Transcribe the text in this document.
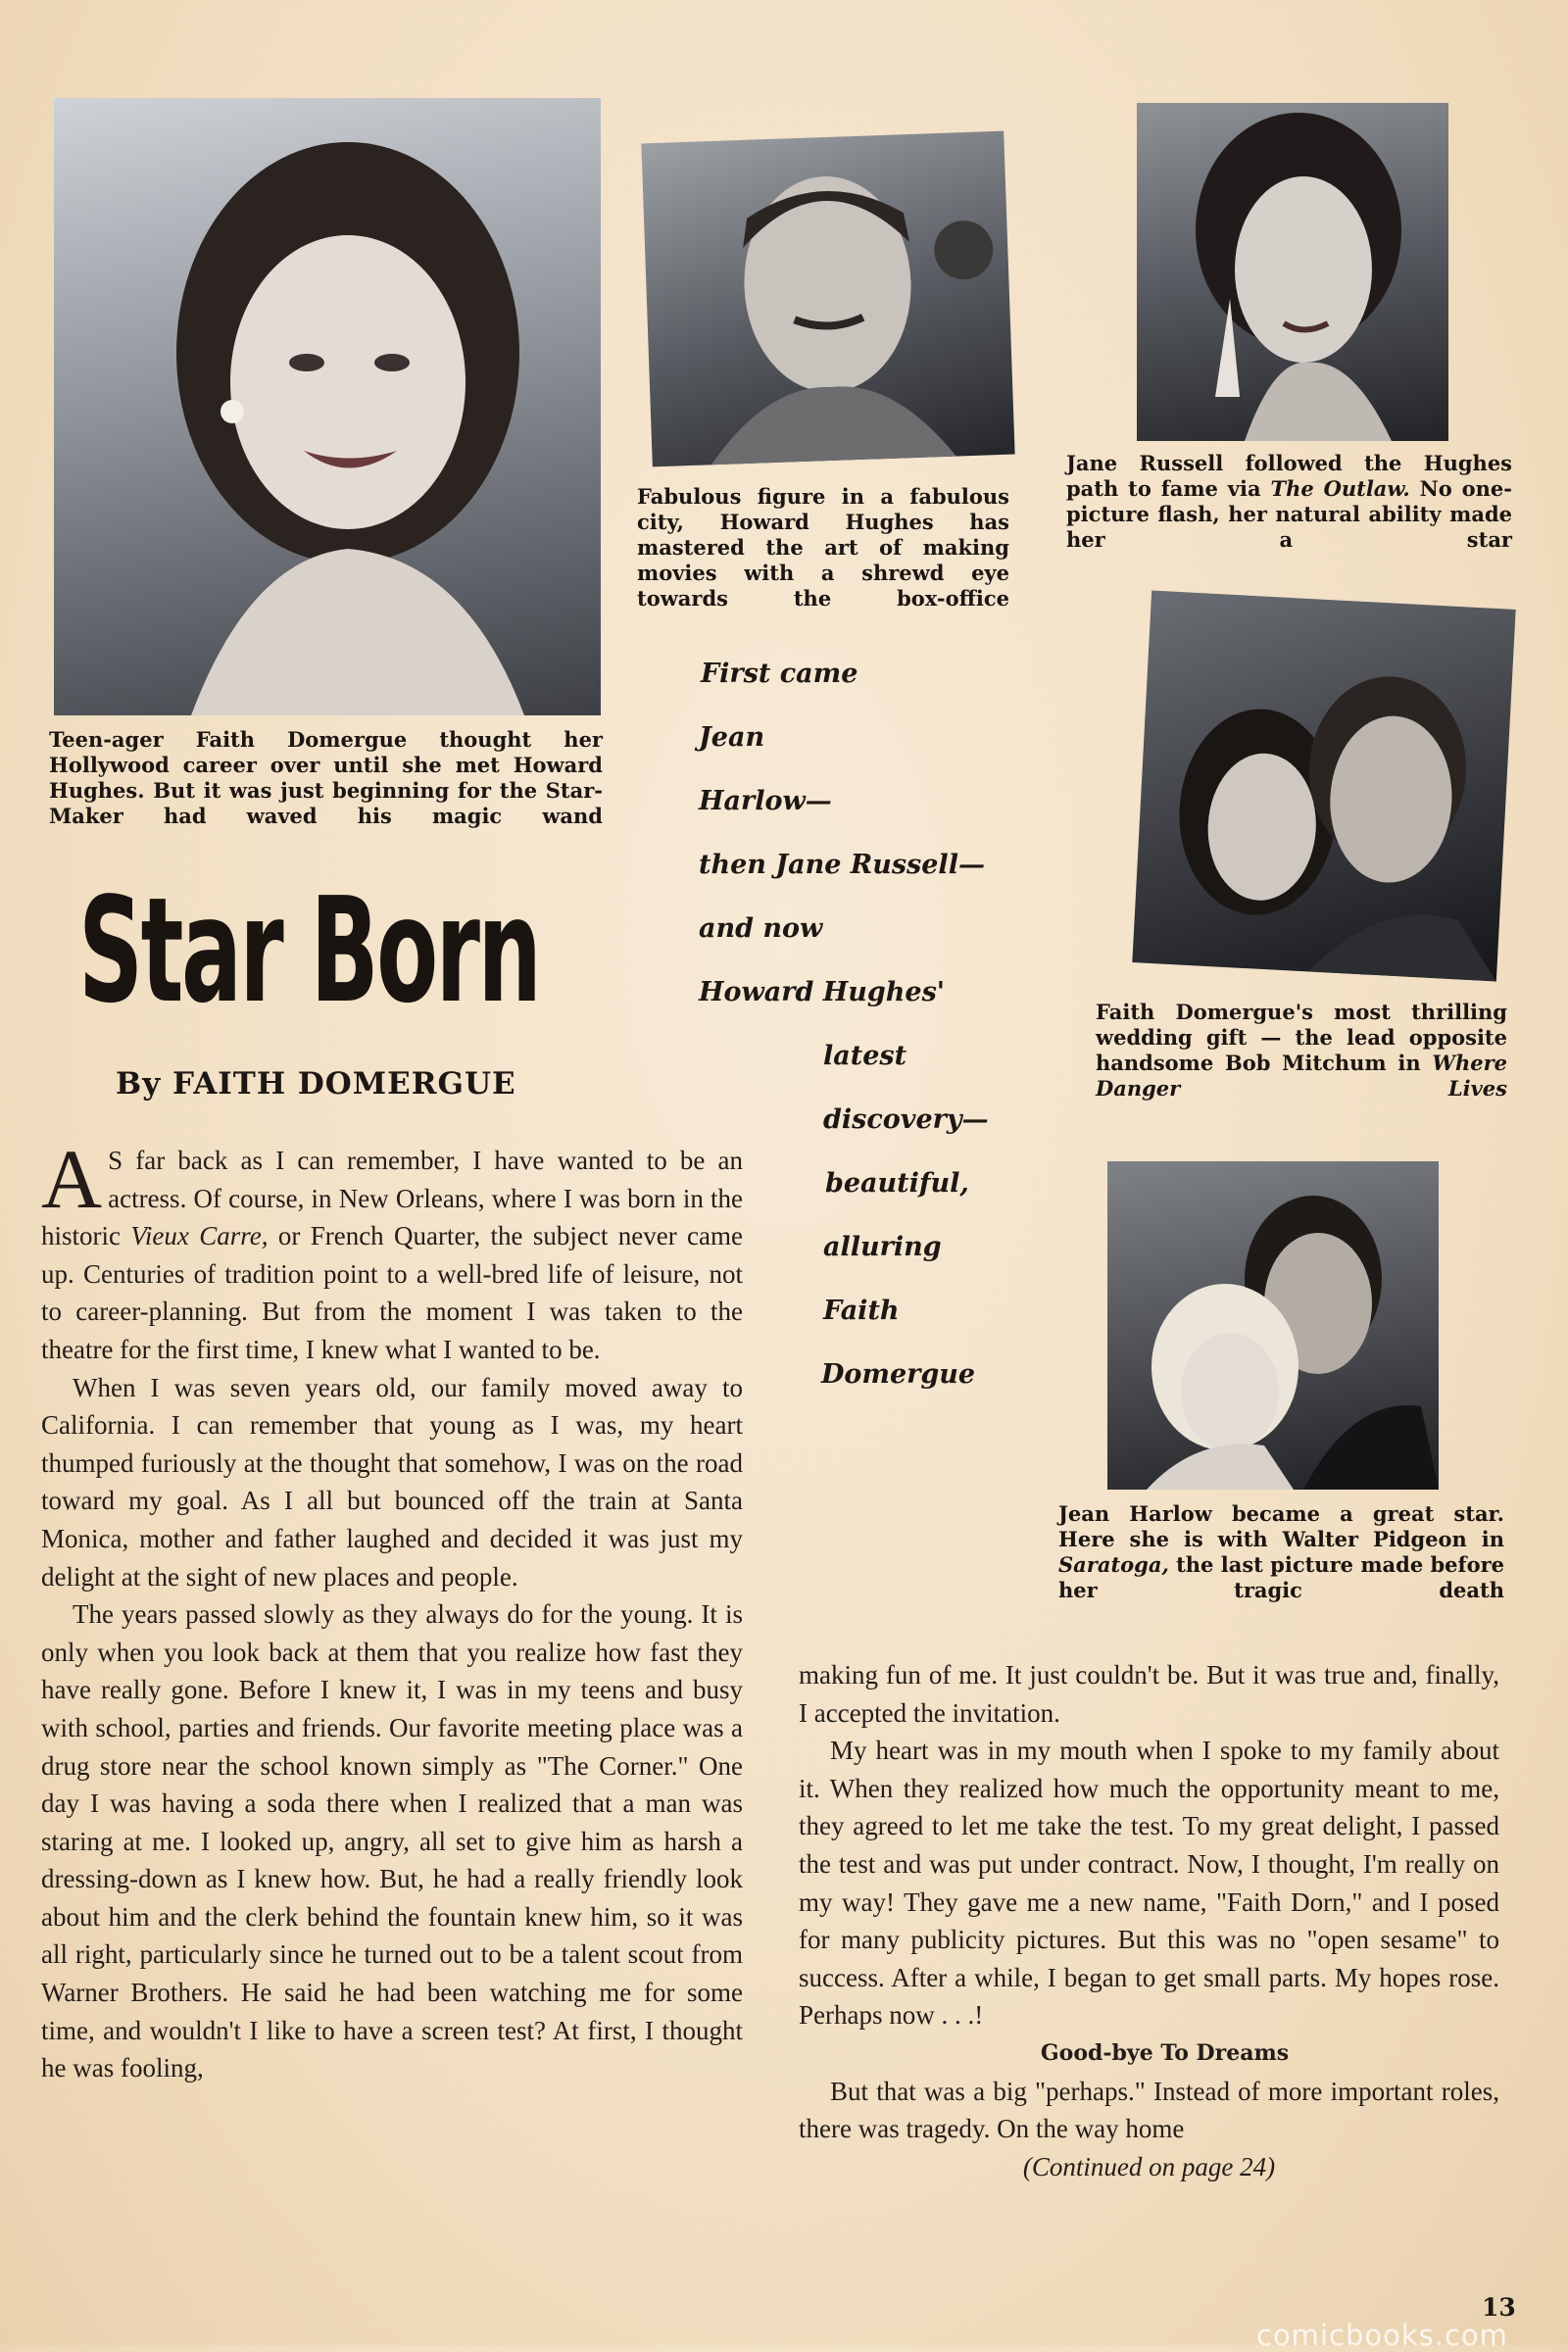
Teen-ager Faith Domergue thought her Hollywood career over until she met Howard Hughes. But it was just beginning for the Star-Maker had waved his magic wand
Fabulous figure in a fabulous city, Howard Hughes has mastered the art of making movies with a shrewd eye towards the box-office
Jane Russell followed the Hughes path to fame via The Outlaw. No one-picture flash, her natural ability made her a star
Faith Domergue's most thrilling wedding gift — the lead opposite handsome Bob Mitchum in Where Danger Lives
Jean Harlow became a great star. Here she is with Walter Pidgeon in Saratoga, the last picture made before her tragic death
Star Born
By FAITH DOMERGUE
First came
Jean
Harlow—
then Jane Russell—
and now
Howard Hughes'
latest
discovery—
beautiful,
alluring
Faith
Domergue

A S far back as I can remember, I have wanted to be an actress. Of course, in New Orleans, where I was born in the historic Vieux Carre, or French Quarter, the subject never came up. Centuries of tradition point to a well-bred life of leisure, not to career-planning. But from the moment I was taken to the theatre for the first time, I knew what I wanted to be.

When I was seven years old, our family moved away to California. I can remember that young as I was, my heart thumped furiously at the thought that somehow, I was on the road toward my goal. As I all but bounced off the train at Santa Monica, mother and father laughed and decided it was just my delight at the sight of new places and people.

The years passed slowly as they always do for the young. It is only when you look back at them that you realize how fast they have really gone. Before I knew it, I was in my teens and busy with school, parties and friends. Our favorite meeting place was a drug store near the school known simply as "The Corner." One day I was having a soda there when I realized that a man was staring at me. I looked up, angry, all set to give him as harsh a dressing-down as I knew how. But, he had a really friendly look about him and the clerk behind the fountain knew him, so it was all right, particularly since he turned out to be a talent scout from Warner Brothers. He said he had been watching me for some time, and wouldn't I like to have a screen test? At first, I thought he was fooling,

making fun of me. It just couldn't be. But it was true and, finally, I accepted the invitation.

My heart was in my mouth when I spoke to my family about it. When they realized how much the opportunity meant to me, they agreed to let me take the test. To my great delight, I passed the test and was put under contract. Now, I thought, I'm really on my way! They gave me a new name, "Faith Dorn," and I posed for many publicity pictures. But this was no "open sesame" to success. After a while, I began to get small parts. My hopes rose. Perhaps now . . .!

Good-bye To Dreams

But that was a big "perhaps." Instead of more important roles, there was tragedy. On the way home

(Continued on page 24)

13
comicbooks.com
